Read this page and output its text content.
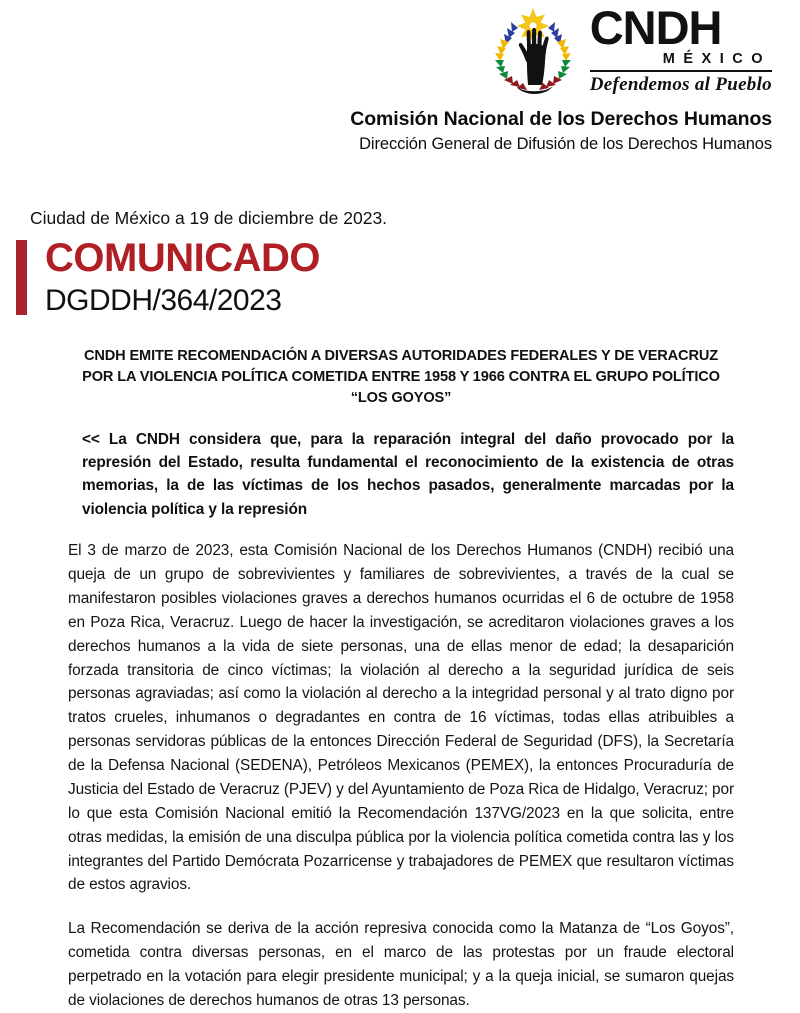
CNDH
MÉXICO
Defendemos al Pueblo
Comisión Nacional de los Derechos Humanos
Dirección General de Difusión de los Derechos Humanos
Ciudad de México a 19 de diciembre de 2023.
COMUNICADO
DGDDH/364/2023
CNDH EMITE RECOMENDACIÓN A DIVERSAS AUTORIDADES FEDERALES Y DE VERACRUZ POR LA VIOLENCIA POLÍTICA COMETIDA ENTRE 1958 Y 1966 CONTRA EL GRUPO POLÍTICO “LOS GOYOS”
<< La CNDH considera que, para la reparación integral del daño provocado por la represión del Estado, resulta fundamental el reconocimiento de la existencia de otras memorias, la de las víctimas de los hechos pasados, generalmente marcadas por la violencia política y la represión
El 3 de marzo de 2023, esta Comisión Nacional de los Derechos Humanos (CNDH) recibió una queja de un grupo de sobrevivientes y familiares de sobrevivientes, a través de la cual se manifestaron posibles violaciones graves a derechos humanos ocurridas el 6 de octubre de 1958 en Poza Rica, Veracruz. Luego de hacer la investigación, se acreditaron violaciones graves a los derechos humanos a la vida de siete personas, una de ellas menor de edad; la desaparición forzada transitoria de cinco víctimas; la violación al derecho a la seguridad jurídica de seis personas agraviadas; así como la violación al derecho a la integridad personal y al trato digno por tratos crueles, inhumanos o degradantes en contra de 16 víctimas, todas ellas atribuibles a personas servidoras públicas de la entonces Dirección Federal de Seguridad (DFS), la Secretaría de la Defensa Nacional (SEDENA), Petróleos Mexicanos (PEMEX), la entonces Procuraduría de Justicia del Estado de Veracruz (PJEV) y del Ayuntamiento de Poza Rica de Hidalgo, Veracruz; por lo que esta Comisión Nacional emitió la Recomendación 137VG/2023 en la que solicita, entre otras medidas, la emisión de una disculpa pública por la violencia política cometida contra las y los integrantes del Partido Demócrata Pozarricense y trabajadores de PEMEX que resultaron víctimas de estos agravios.
La Recomendación se deriva de la acción represiva conocida como la Matanza de “Los Goyos”, cometida contra diversas personas, en el marco de las protestas por un fraude electoral perpetrado en la votación para elegir presidente municipal; y a la queja inicial, se sumaron quejas de violaciones de derechos humanos de otras 13 personas.
